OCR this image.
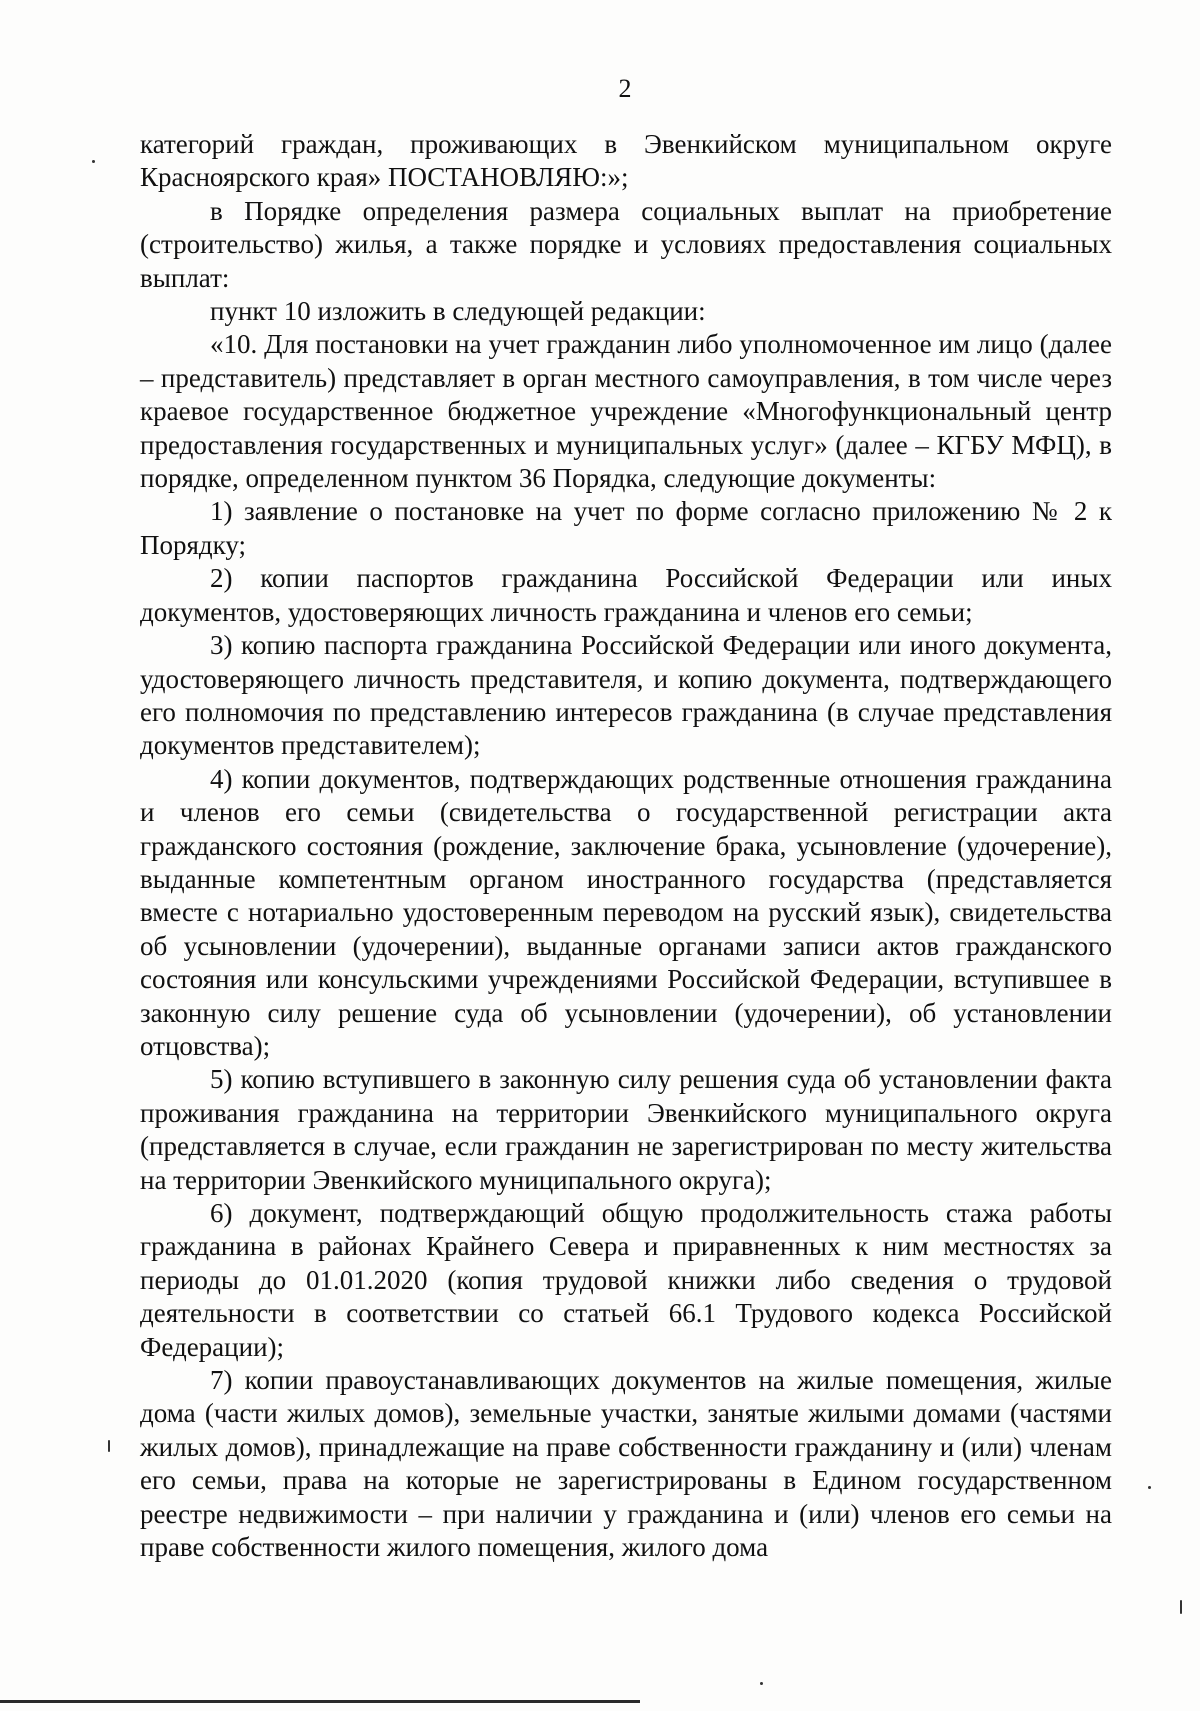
2

категорий граждан, проживающих в Эвенкийском муниципальном округе Красноярского края» ПОСТАНОВЛЯЮ:»;

в Порядке определения размера социальных выплат на приобретение (строительство) жилья, а также порядке и условиях предоставления социальных выплат:

пункт 10 изложить в следующей редакции:

«10. Для постановки на учет гражданин либо уполномоченное им лицо (далее – представитель) представляет в орган местного самоуправления, в том числе через краевое государственное бюджетное учреждение «Многофункциональный центр предоставления государственных и муниципальных услуг» (далее – КГБУ МФЦ), в порядке, определенном пунктом 36 Порядка, следующие документы:

1) заявление о постановке на учет по форме согласно приложению № 2 к Порядку;

2) копии паспортов гражданина Российской Федерации или иных документов, удостоверяющих личность гражданина и членов его семьи;

3) копию паспорта гражданина Российской Федерации или иного документа, удостоверяющего личность представителя, и копию документа, подтверждающего его полномочия по представлению интересов гражданина (в случае представления документов представителем);

4) копии документов, подтверждающих родственные отношения гражданина и членов его семьи (свидетельства о государственной регистрации акта гражданского состояния (рождение, заключение брака, усыновление (удочерение), выданные компетентным органом иностранного государства (представляется вместе с нотариально удостоверенным переводом на русский язык), свидетельства об усыновлении (удочерении), выданные органами записи актов гражданского состояния или консульскими учреждениями Российской Федерации, вступившее в законную силу решение суда об усыновлении (удочерении), об установлении отцовства);

5) копию вступившего в законную силу решения суда об установлении факта проживания гражданина на территории Эвенкийского муниципального округа (представляется в случае, если гражданин не зарегистрирован по месту жительства на территории Эвенкийского муниципального округа);

6) документ, подтверждающий общую продолжительность стажа работы гражданина в районах Крайнего Севера и приравненных к ним местностях за периоды до 01.01.2020 (копия трудовой книжки либо сведения о трудовой деятельности в соответствии со статьей 66.1 Трудового кодекса Российской Федерации);

7) копии правоустанавливающих документов на жилые помещения, жилые дома (части жилых домов), земельные участки, занятые жилыми домами (частями жилых домов), принадлежащие на праве собственности гражданину и (или) членам его семьи, права на которые не зарегистрированы в Едином государственном реестре недвижимости – при наличии у гражданина и (или) членов его семьи на праве собственности жилого помещения, жилого дома
